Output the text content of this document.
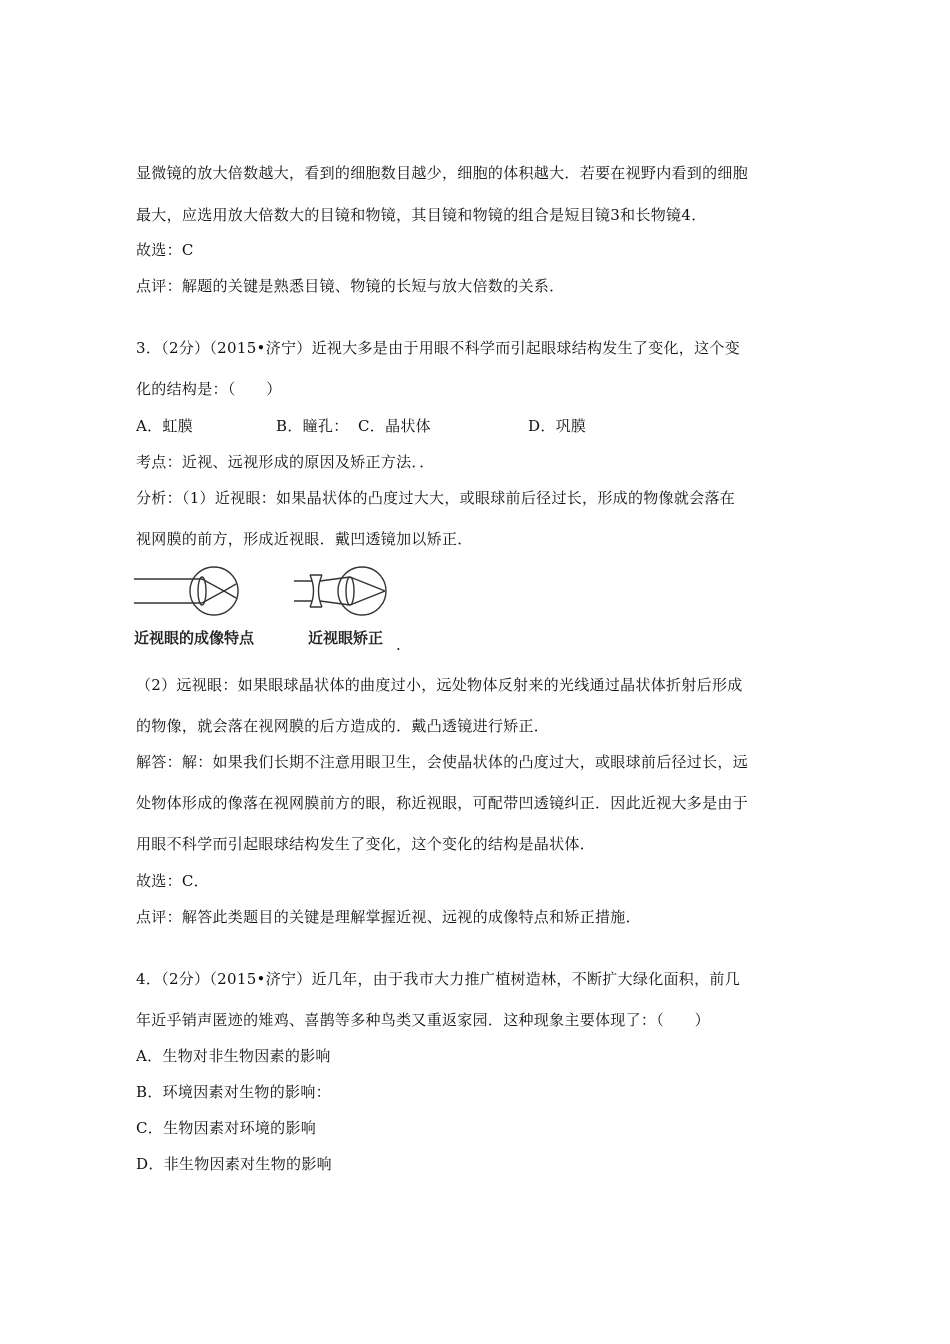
显微镜的放大倍数越大，看到的细胞数目越少，细胞的体积越大．若要在视野内看到的细胞
最大，应选用放大倍数大的目镜和物镜，其目镜和物镜的组合是短目镜3和长物镜4．
故选：C
点评：解题的关键是熟悉目镜、物镜的长短与放大倍数的关系．
3．（2分）（2015•济宁）近视大多是由于用眼不科学而引起眼球结构发生了变化，这个变
化的结构是：（　　）
A．虹膜	B．瞳孔： C．晶状体	D．巩膜
考点：近视、远视形成的原因及矫正方法．．
分析：（1）近视眼：如果晶状体的凸度过大大，或眼球前后径过长，形成的物像就会落在
视网膜的前方，形成近视眼．戴凹透镜加以矫正．
近视眼的成像特点	近视眼矫正 .
（2）远视眼：如果眼球晶状体的曲度过小，远处物体反射来的光线通过晶状体折射后形成
的物像，就会落在视网膜的后方造成的．戴凸透镜进行矫正．
解答：解：如果我们长期不注意用眼卫生，会使晶状体的凸度过大，或眼球前后径过长，远
处物体形成的像落在视网膜前方的眼，称近视眼，可配带凹透镜纠正．因此近视大多是由于
用眼不科学而引起眼球结构发生了变化，这个变化的结构是晶状体．
故选：C．
点评：解答此类题目的关键是理解掌握近视、远视的成像特点和矫正措施．
4．（2分）（2015•济宁）近几年，由于我市大力推广植树造林，不断扩大绿化面积，前几
年近乎销声匿迹的雉鸡、喜鹊等多种鸟类又重返家园．这种现象主要体现了：（　　）
A．生物对非生物因素的影响
B．环境因素对生物的影响：
C．生物因素对环境的影响
D．非生物因素对生物的影响
